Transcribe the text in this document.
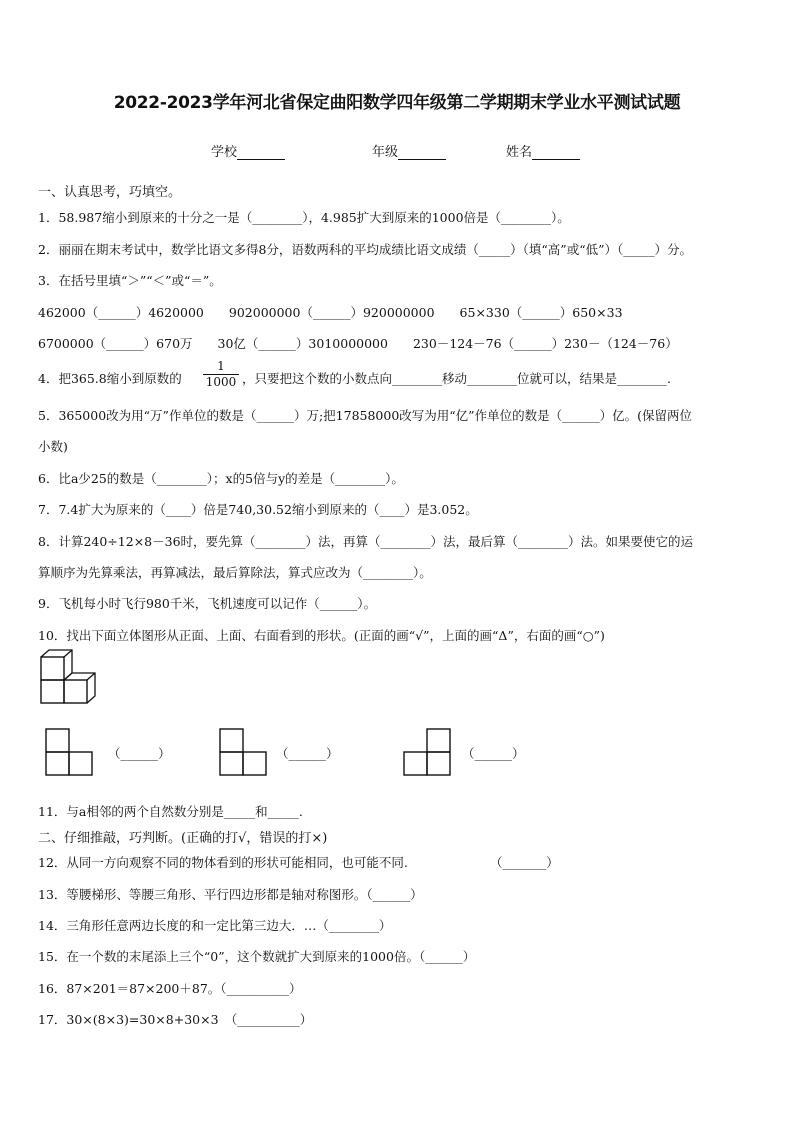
2022-2023学年河北省保定曲阳数学四年级第二学期期末学业水平测试试题
学校	年级	姓名
一、认真思考，巧填空。
1．58.987缩小到原来的十分之一是（________），4.985扩大到原来的1000倍是（________）。
2．丽丽在期末考试中，数学比语文多得8分，语数两科的平均成绩比语文成绩（_____）（填“高”或“低”）（_____）分。
3．在括号里填“＞”“＜”或“＝”。
462000（______）4620000　　902000000（______）920000000　　65×330（______）650×33
6700000（______）670万　　30亿（______）3010000000　　230－124－76（______）230－（124－76）
4．把365.8缩小到原数的 $\frac{1}{1000}$ ，只要把这个数的小数点向________移动________位就可以，结果是________.
5．365000改为用“万”作单位的数是（______）万;把17858000改写为用“亿”作单位的数是（______）亿。(保留两位
小数)
6．比a少25的数是（________）；x的5倍与y的差是（________）。
7．7.4扩大为原来的（____）倍是740,30.52缩小到原来的（____）是3.052。
8．计算240÷12×8－36时，要先算（________）法，再算（________）法，最后算（________）法。如果要使它的运
算顺序为先算乘法，再算减法，最后算除法，算式应改为（________）。
9．飞机每小时飞行980千米，飞机速度可以记作（______）。
10．找出下面立体图形从正面、上面、右面看到的形状。(正面的画“√”，上面的画“Δ”，右面的画“○”)
（______）	（______）	（______）
11．与a相邻的两个自然数分别是_____和_____.
二、仔细推敲，巧判断。(正确的打√，错误的打×)
12．从同一方向观察不同的物体看到的形状可能相同，也可能不同.	（_______）
13．等腰梯形、等腰三角形、平行四边形都是轴对称图形。（______）
14．三角形任意两边长度的和一定比第三边大．…（________）
15．在一个数的末尾添上三个“0”，这个数就扩大到原来的1000倍。（______）
16．87×201＝87×200＋87。（__________）
17．30×(8×3)=30×8+30×3　（__________）
